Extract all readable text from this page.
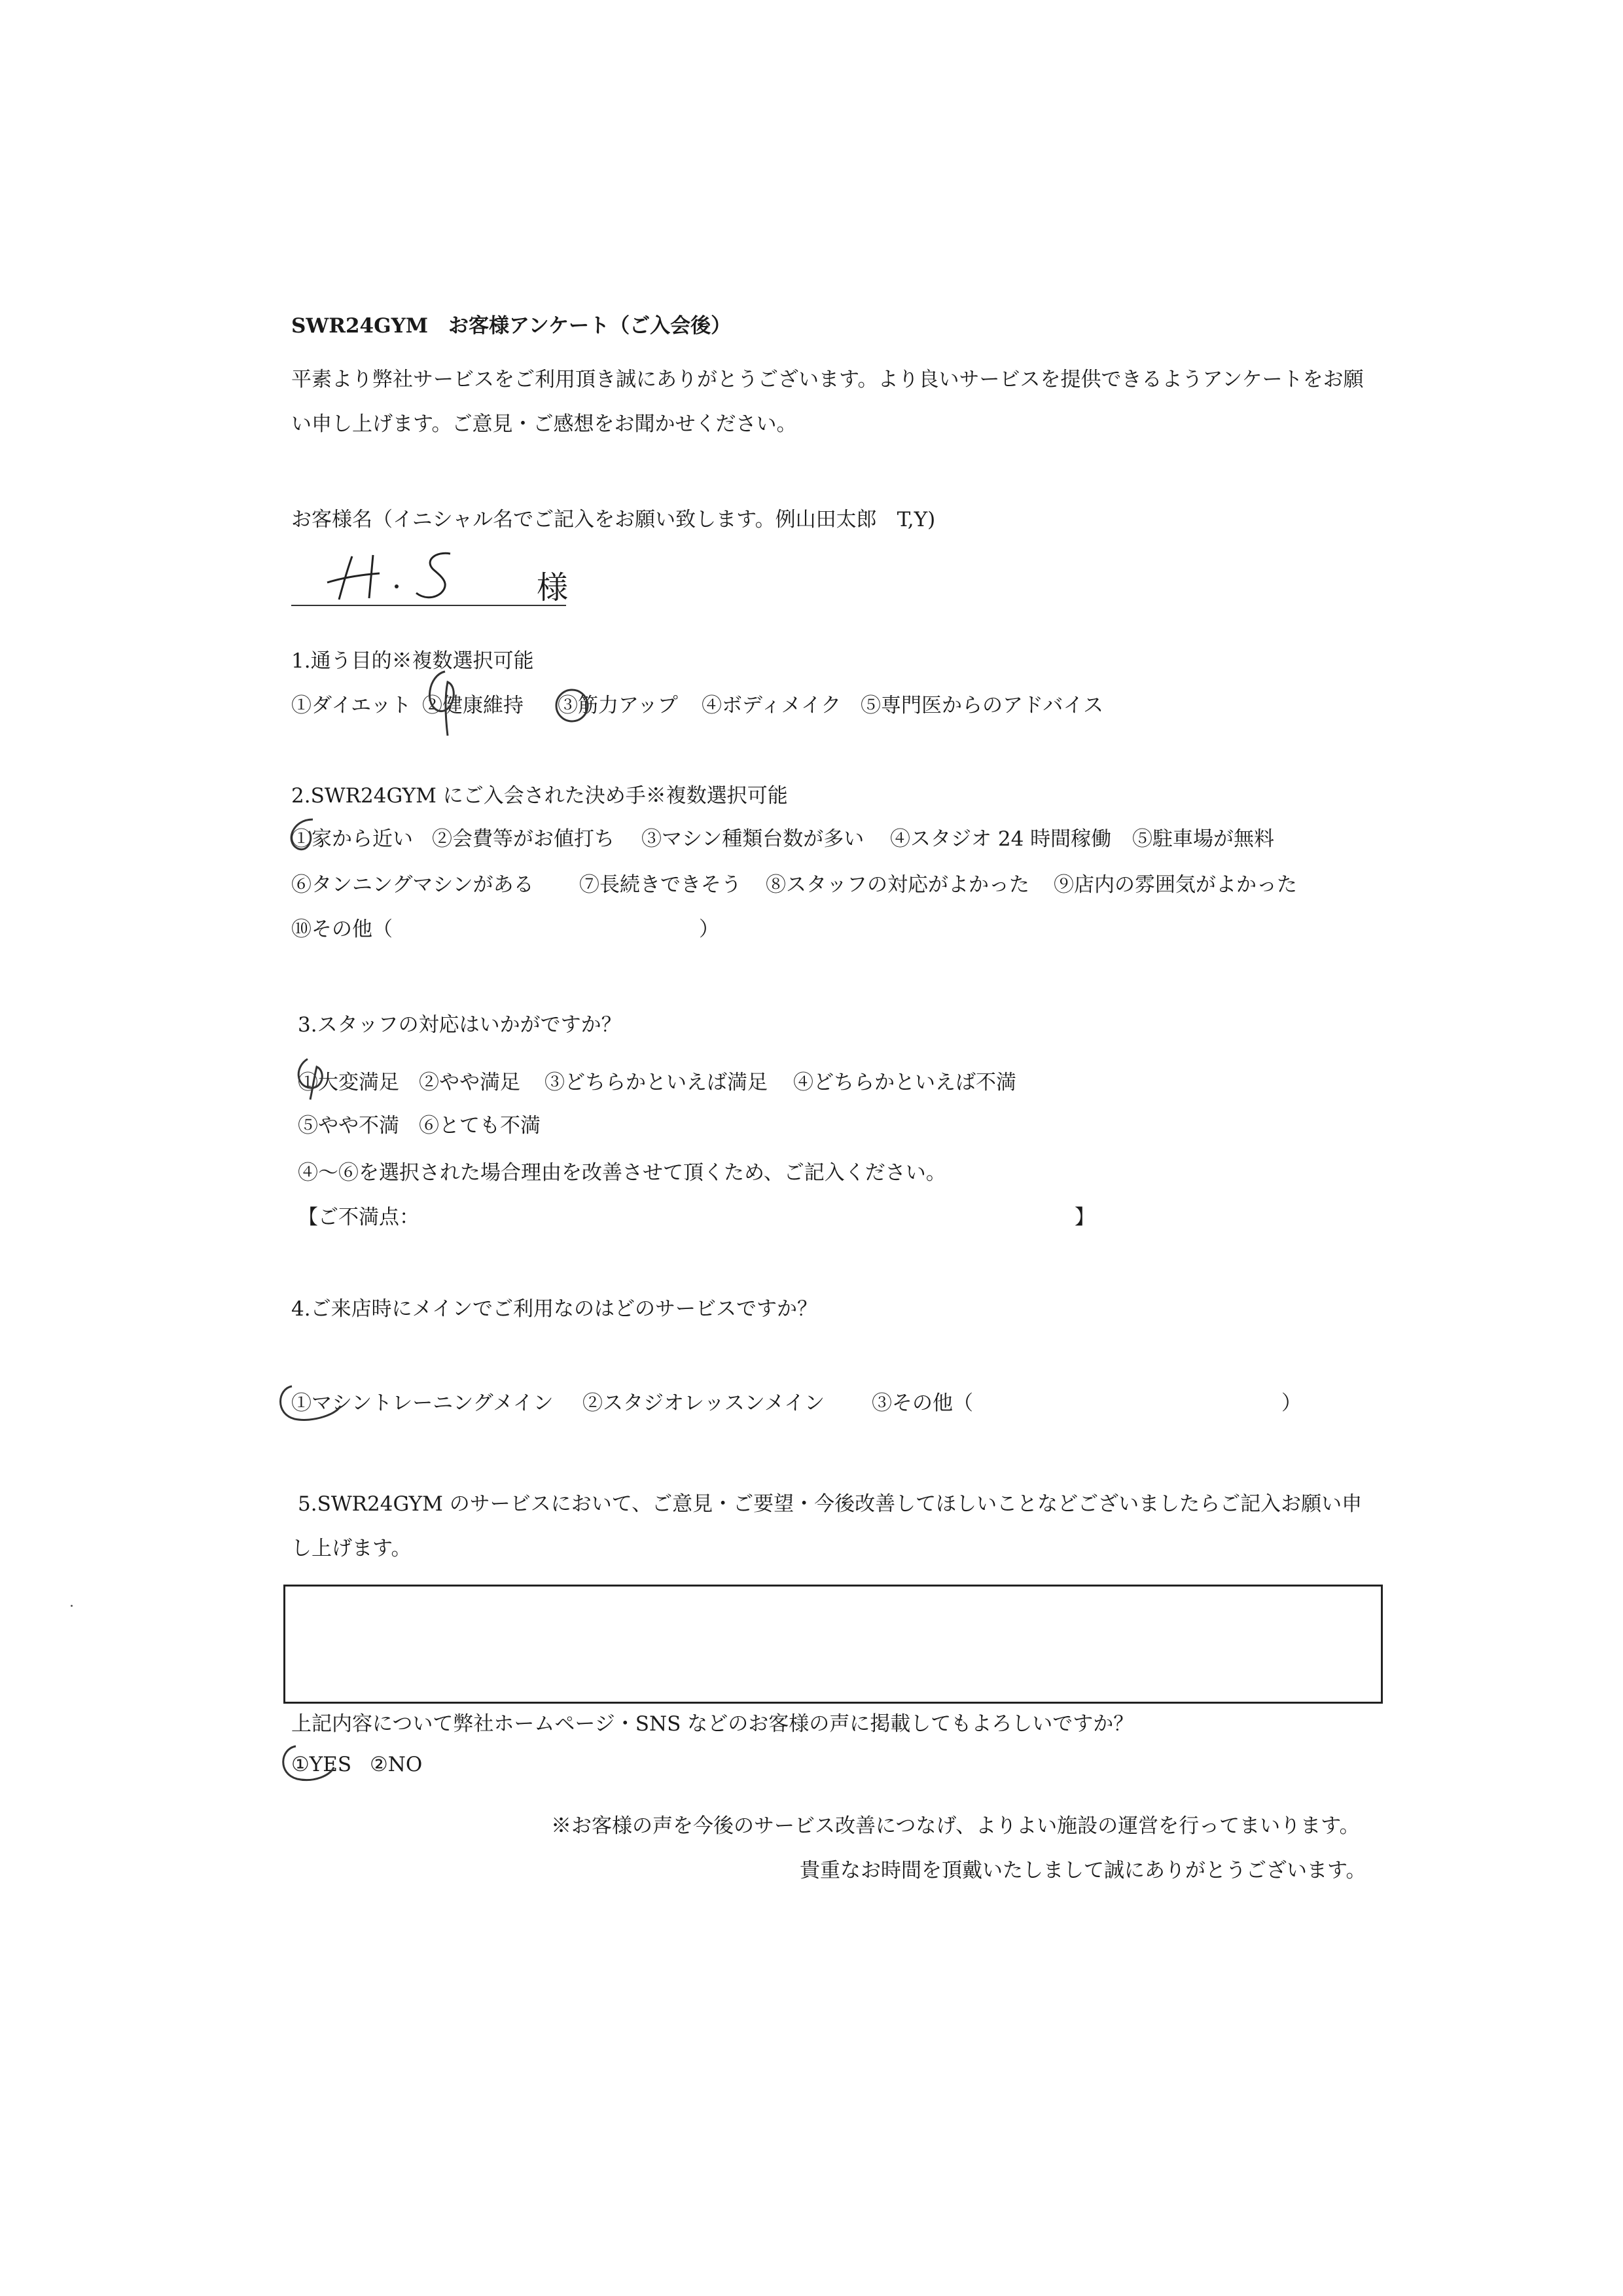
SWR24GYM　お客様アンケート（ご入会後）
平素より弊社サービスをご利用頂き誠にありがとうございます。より良いサービスを提供できるようアンケートをお願
い申し上げます。ご意見・ご感想をお聞かせください。
お客様名（イニシャル名でご記入をお願い致します。例山田太郎　T,Y)
様
1.通う目的※複数選択可能
①ダイエット ②健康維持 ③筋力アップ ④ボディメイク ⑤専門医からのアドバイス
2.SWR24GYM にご入会された決め手※複数選択可能
①家から近い ②会費等がお値打ち ③マシン種類台数が多い ④スタジオ 24 時間稼働 ⑤駐車場が無料
⑥タンニングマシンがある ⑦長続きできそう ⑧スタッフの対応がよかった ⑨店内の雰囲気がよかった
⑩その他（	）
3.スタッフの対応はいかがですか？
①大変満足 ②やや満足 ③どちらかといえば満足 ④どちらかといえば不満
⑤やや不満 ⑥とても不満
④～⑥を選択された場合理由を改善させて頂くため、ご記入ください。
【ご不満点：	】
4.ご来店時にメインでご利用なのはどのサービスですか？
①マシントレーニングメイン ②スタジオレッスンメイン ③その他（	）
5.SWR24GYM のサービスにおいて、ご意見・ご要望・今後改善してほしいことなどございましたらご記入お願い申
し上げます。
上記内容について弊社ホームページ・SNS などのお客様の声に掲載してもよろしいですか？
①YES ②NO
※お客様の声を今後のサービス改善につなげ、よりよい施設の運営を行ってまいります。
貴重なお時間を頂戴いたしまして誠にありがとうございます。
